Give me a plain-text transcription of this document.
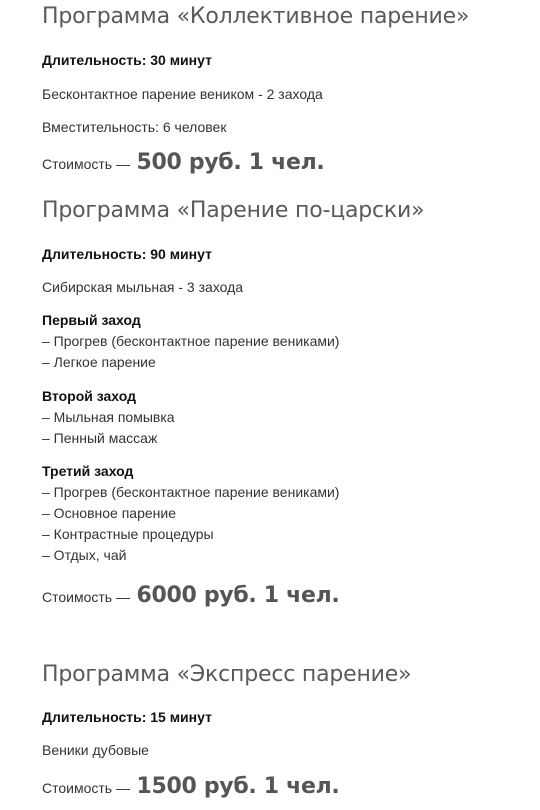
Программа «Коллективное парение»
Длительность: 30 минут
Бесконтактное парение веником - 2 захода
Вместительность: 6 человек
Стоимость — 500 руб. 1 чел.
Программа «Парение по-царски»
Длительность: 90 минут
Сибирская мыльная - 3 захода
Первый заход
– Прогрев (бесконтактное парение вениками)
– Легкое парение
Второй заход
– Мыльная помывка
– Пенный массаж
Третий заход
– Прогрев (бесконтактное парение вениками)
– Основное парение
– Контрастные процедуры
– Отдых, чай
Стоимость — 6000 руб. 1 чел.
Программа «Экспресс парение»
Длительность: 15 минут
Веники дубовые
Стоимость — 1500 руб. 1 чел.
